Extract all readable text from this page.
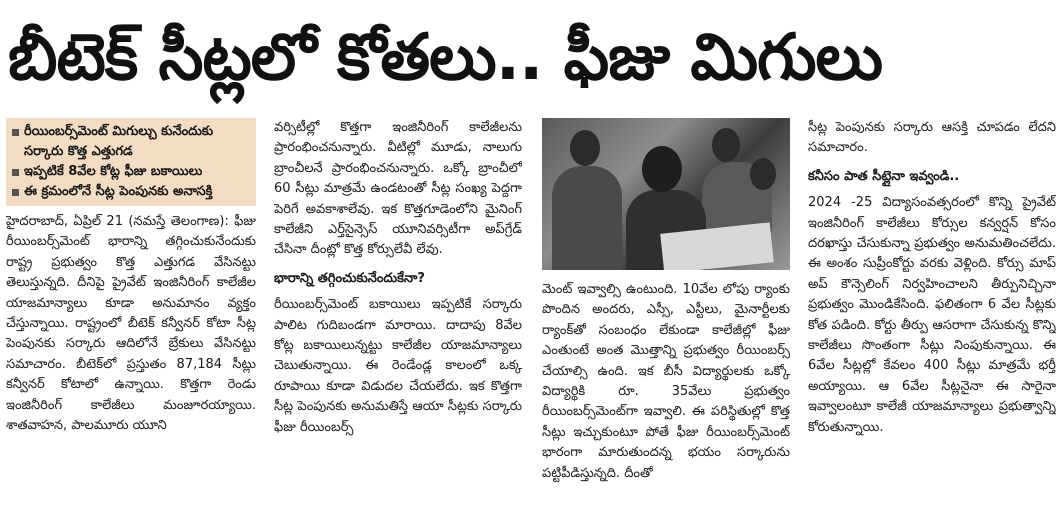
బీటెక్ సీట్లలో కోతలు.. ఫీజు మిగులు
రీయింబర్స్‌మెంట్ మిగుల్చు కునేందుకు సర్కారు కొత్త ఎత్తుగడ
ఇప్పటికే 8వేల కోట్ల ఫీజు బకాయిలు
ఈ క్రమంలోనే సీట్ల పెంపునకు అనాసక్తి

హైదరాబాద్, ఏప్రిల్ 21 (నమస్తే తెలంగాణ): ఫీజు రీయింబర్స్‌మెంట్ భారాన్ని తగ్గించుకునేందుకు రాష్ట్ర ప్రభుత్వం కొత్త ఎత్తుగడ వేసినట్టు తెలుస్తున్నది. దీనిపై ప్రైవేట్ ఇంజినీరింగ్ కాలేజీల యాజమాన్యాలు కూడా అనుమానం వ్యక్తం చేస్తున్నాయి. రాష్ట్రంలో బీటెక్ కన్వీనర్ కోటా సీట్ల పెంపునకు సర్కారు ఆదిలోనే బ్రేకులు వేసినట్టు సమాచారం. బీటెక్‌లో ప్రస్తుతం 87,184 సీట్లు కన్వీనర్ కోటాలో ఉన్నాయి. కొత్తగా రెండు ఇంజినీరింగ్ కాలేజీలు మంజూరయ్యాయి. శాతవాహన, పాలమూరు యూని

వర్సిటీల్లో కొత్తగా ఇంజినీరింగ్ కాలేజీలను ప్రారంభించనున్నారు. వీటిల్లో మూడు, నాలుగు బ్రాంచీలనే ప్రారంభించనున్నారు. ఒక్కో బ్రాంచీలో 60 సీట్లు మాత్రమే ఉండటంతో సీట్ల సంఖ్య పెద్దగా పెరిగే అవకాశాలేవు. ఇక కొత్తగూడెంలోని మైనింగ్ కాలేజీని ఎర్త్‌సైన్సెస్ యూనివర్సిటీగా అప్‌గ్రేడ్ చేసినా దీంట్లో కొత్త కోర్సులేవీ లేవు.

భారాన్ని తగ్గించుకునేందుకేనా?

రీయింబర్స్‌మెంట్ బకాయిలు ఇప్పటికే సర్కారు పాలిట గుదిబండగా మారాయి. దాదాపు 8వేల కోట్ల బకాయిలున్నట్టు కాలేజీల యాజమాన్యాలు చెబుతున్నాయి. ఈ రెండేండ్ల కాలంలో ఒక్క రూపాయి కూడా విడుదల చేయలేదు. ఇక కొత్తగా సీట్ల పెంపునకు అనుమతిస్తే ఆయా సీట్లకు సర్కారు ఫీజు రీయింబర్స్

మెంట్ ఇవ్వాల్సి ఉంటుంది. 10వేల లోపు ర్యాంకు పొందిన అందరు, ఎస్సీ, ఎస్టీలు, మైనార్టీలకు ర్యాంక్‌తో సంబంధం లేకుండా కాలేజీల్లో ఫీజు ఎంతుంటే అంత మొత్తాన్ని ప్రభుత్వం రీయింబర్స్ చేయాల్సి ఉంది. ఇక బీసీ విద్యార్థులకు ఒక్కో విద్యార్థికి రూ. 35వేలు ప్రభుత్వం రీయింబర్స్‌మెంట్‌గా ఇవ్వాలి. ఈ పరిస్థితుల్లో కొత్త సీట్లు ఇచ్చుకుంటూ పోతే ఫీజు రీయింబర్స్‌మెంట్ భారంగా మారుతుందన్న భయం సర్కారును పట్టిపీడిస్తున్నది. దీంతో

సీట్ల పెంపునకు సర్కారు ఆసక్తి చూపడం లేదని సమాచారం.

కనీసం పాత సీట్లైనా ఇవ్వండి..

2024 -25 విద్యాసంవత్సరంలో కొన్ని ప్రైవేట్ ఇంజినీరింగ్ కాలేజీలు కోర్సుల కన్వర్షన్ కోసం దరఖాస్తు చేసుకున్నా ప్రభుత్వం అనుమతించలేదు. ఈ అంశం సుప్రీంకోర్టు వరకు వెళ్లింది. కోర్సు మాప్ అప్ కౌన్సెలింగ్ నిర్వహించాలని తీర్పునిచ్చినా ప్రభుత్వం మొండికేసింది. ఫలితంగా 6 వేల సీట్లకు కోత పడింది. కోర్టు తీర్పు ఆసరాగా చేసుకున్న కొన్ని కాలేజీలు సొంతంగా సీట్లు నింపుకున్నాయి. ఈ 6వేల సీట్లల్లో కేవలం 400 సీట్లు మాత్రమే భర్తీ అయ్యాయి. ఆ 6వేల సీట్లనైనా ఈ సారైనా ఇవ్వాలంటూ కాలేజీ యాజమాన్యాలు ప్రభుత్వాన్ని కోరుతున్నాయి.
